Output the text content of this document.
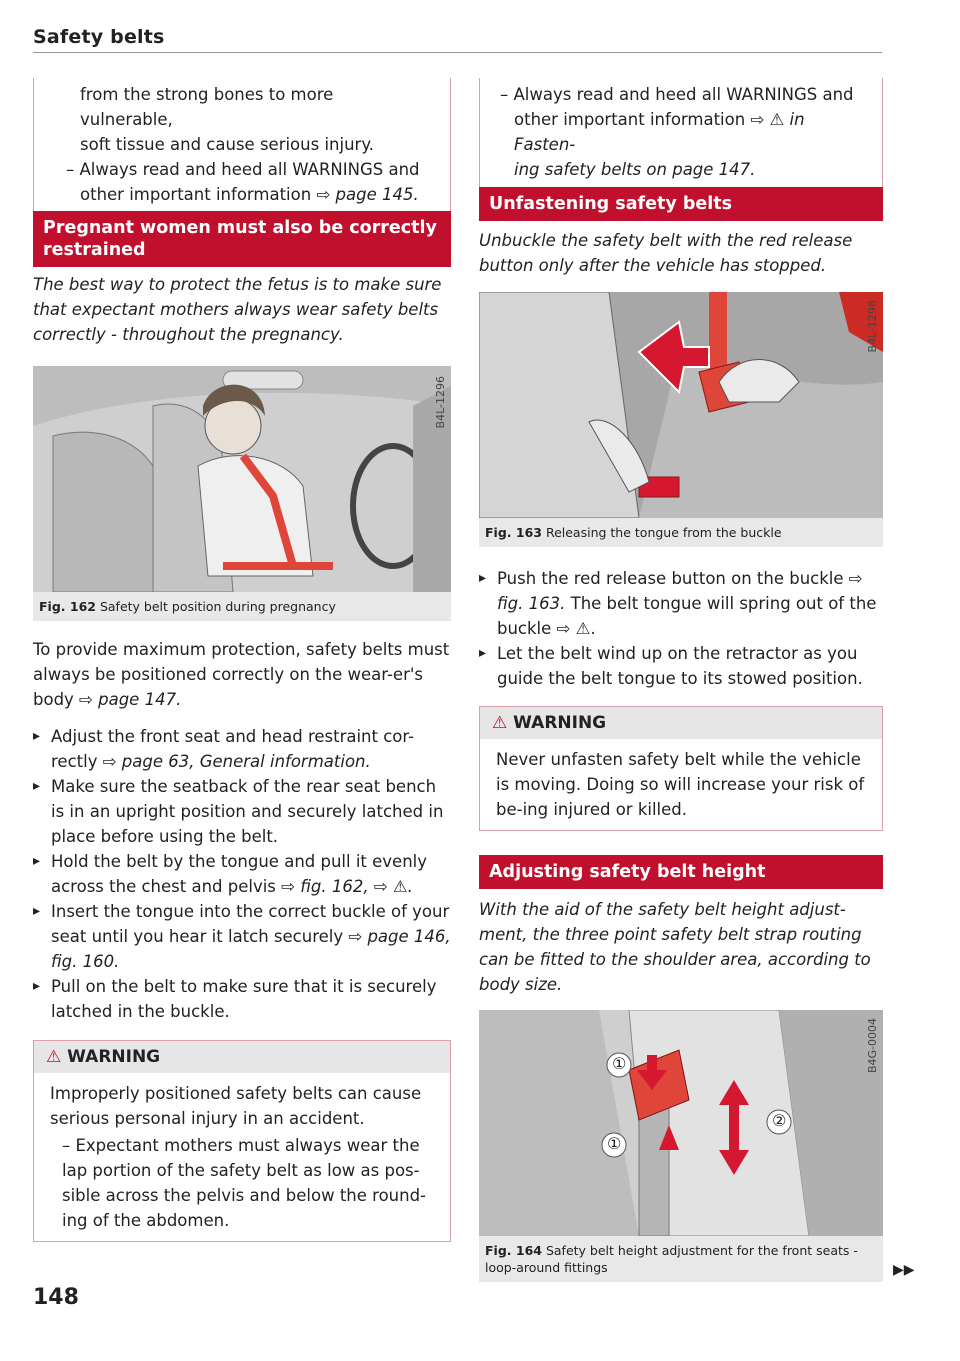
Safety belts

from the strong bones to more vulnerable,

soft tissue and cause serious injury.

– Always read and heed all WARNINGS and

other important information ⇨ page 145.

Pregnant women must also be correctly restrained

The best way to protect the fetus is to make sure that expectant mothers always wear safety belts correctly - throughout the pregnancy.

B4L-1296
Fig. 162 Safety belt position during pregnancy

To provide maximum protection, safety belts must always be positioned correctly on the wear-er's body ⇨ page 147.

▸ Adjust the front seat and head restraint cor-rectly ⇨ page 63, General information.
▸ Make sure the seatback of the rear seat bench is in an upright position and securely latched in place before using the belt.
▸ Hold the belt by the tongue and pull it evenly across the chest and pelvis ⇨ fig. 162, ⇨ ⚠.
▸ Insert the tongue into the correct buckle of your seat until you hear it latch securely ⇨ page 146, fig. 160.
▸ Pull on the belt to make sure that it is securely latched in the buckle.
⚠ WARNING

Improperly positioned safety belts can cause serious personal injury in an accident.

– Expectant mothers must always wear the lap portion of the safety belt as low as pos-sible across the pelvis and below the round-ing of the abdomen.

148

– Always read and heed all WARNINGS and

other important information ⇨ ⚠ in Fasten-

ing safety belts on page 147.

Unfastening safety belts

Unbuckle the safety belt with the red release button only after the vehicle has stopped.

B4L-1298
Fig. 163 Releasing the tongue from the buckle
▸ Push the red release button on the buckle ⇨ fig. 163. The belt tongue will spring out of the buckle ⇨ ⚠.
▸ Let the belt wind up on the retractor as you guide the belt tongue to its stowed position.
⚠ WARNING

Never unfasten safety belt while the vehicle is moving. Doing so will increase your risk of be-ing injured or killed.

Adjusting safety belt height

With the aid of the safety belt height adjust-ment, the three point safety belt strap routing can be fitted to the shoulder area, according to body size.

①
①
②
B4G-0004
Fig. 164 Safety belt height adjustment for the front seats - loop-around fittings	▶▶
